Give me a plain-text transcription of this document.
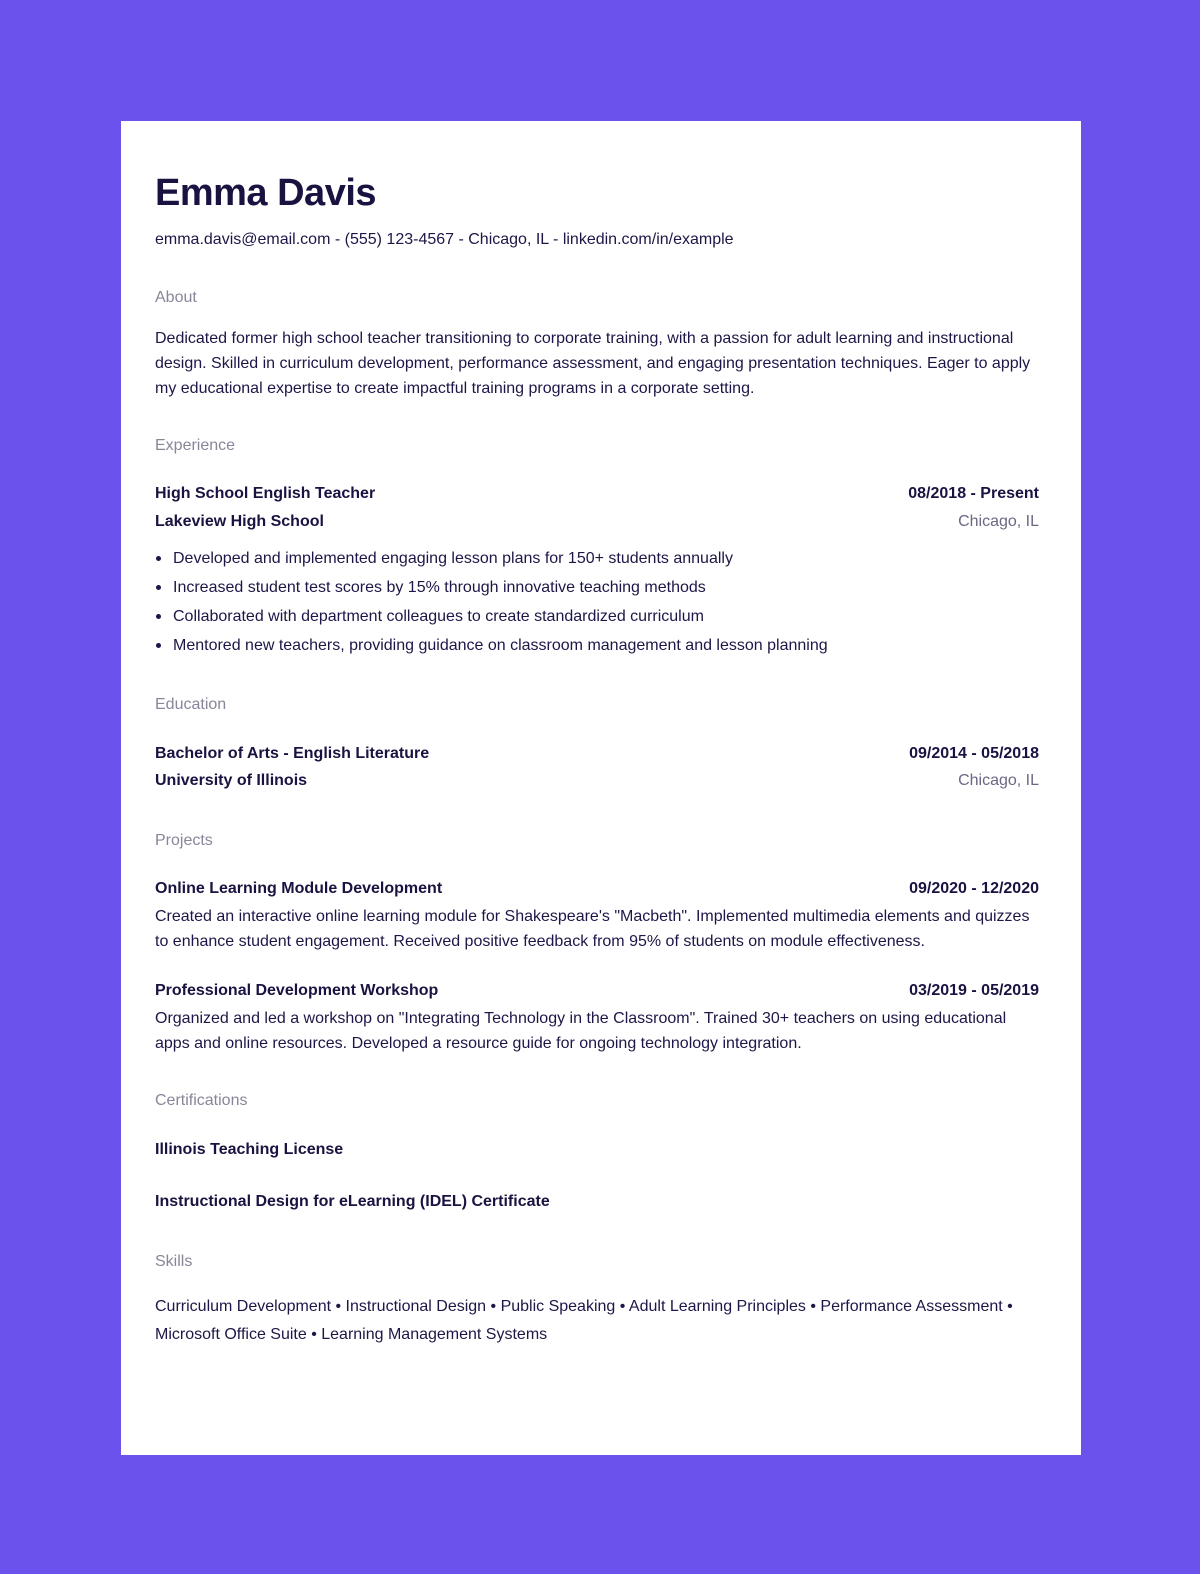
Emma Davis
emma.davis@email.com - (555) 123-4567 - Chicago, IL - linkedin.com/in/example
About
Dedicated former high school teacher transitioning to corporate training, with a passion for adult learning and instructional design. Skilled in curriculum development, performance assessment, and engaging presentation techniques. Eager to apply my educational expertise to create impactful training programs in a corporate setting.
Experience
High School English Teacher	08/2018 - Present
Lakeview High School	Chicago, IL
Developed and implemented engaging lesson plans for 150+ students annually
Increased student test scores by 15% through innovative teaching methods
Collaborated with department colleagues to create standardized curriculum
Mentored new teachers, providing guidance on classroom management and lesson planning
Education
Bachelor of Arts - English Literature	09/2014 - 05/2018
University of Illinois	Chicago, IL
Projects
Online Learning Module Development	09/2020 - 12/2020
Created an interactive online learning module for Shakespeare's "Macbeth". Implemented multimedia elements and quizzes to enhance student engagement. Received positive feedback from 95% of students on module effectiveness.
Professional Development Workshop	03/2019 - 05/2019
Organized and led a workshop on "Integrating Technology in the Classroom". Trained 30+ teachers on using educational apps and online resources. Developed a resource guide for ongoing technology integration.
Certifications
Illinois Teaching License
Instructional Design for eLearning (IDEL) Certificate
Skills
Curriculum Development • Instructional Design • Public Speaking • Adult Learning Principles • Performance Assessment • Microsoft Office Suite • Learning Management Systems
